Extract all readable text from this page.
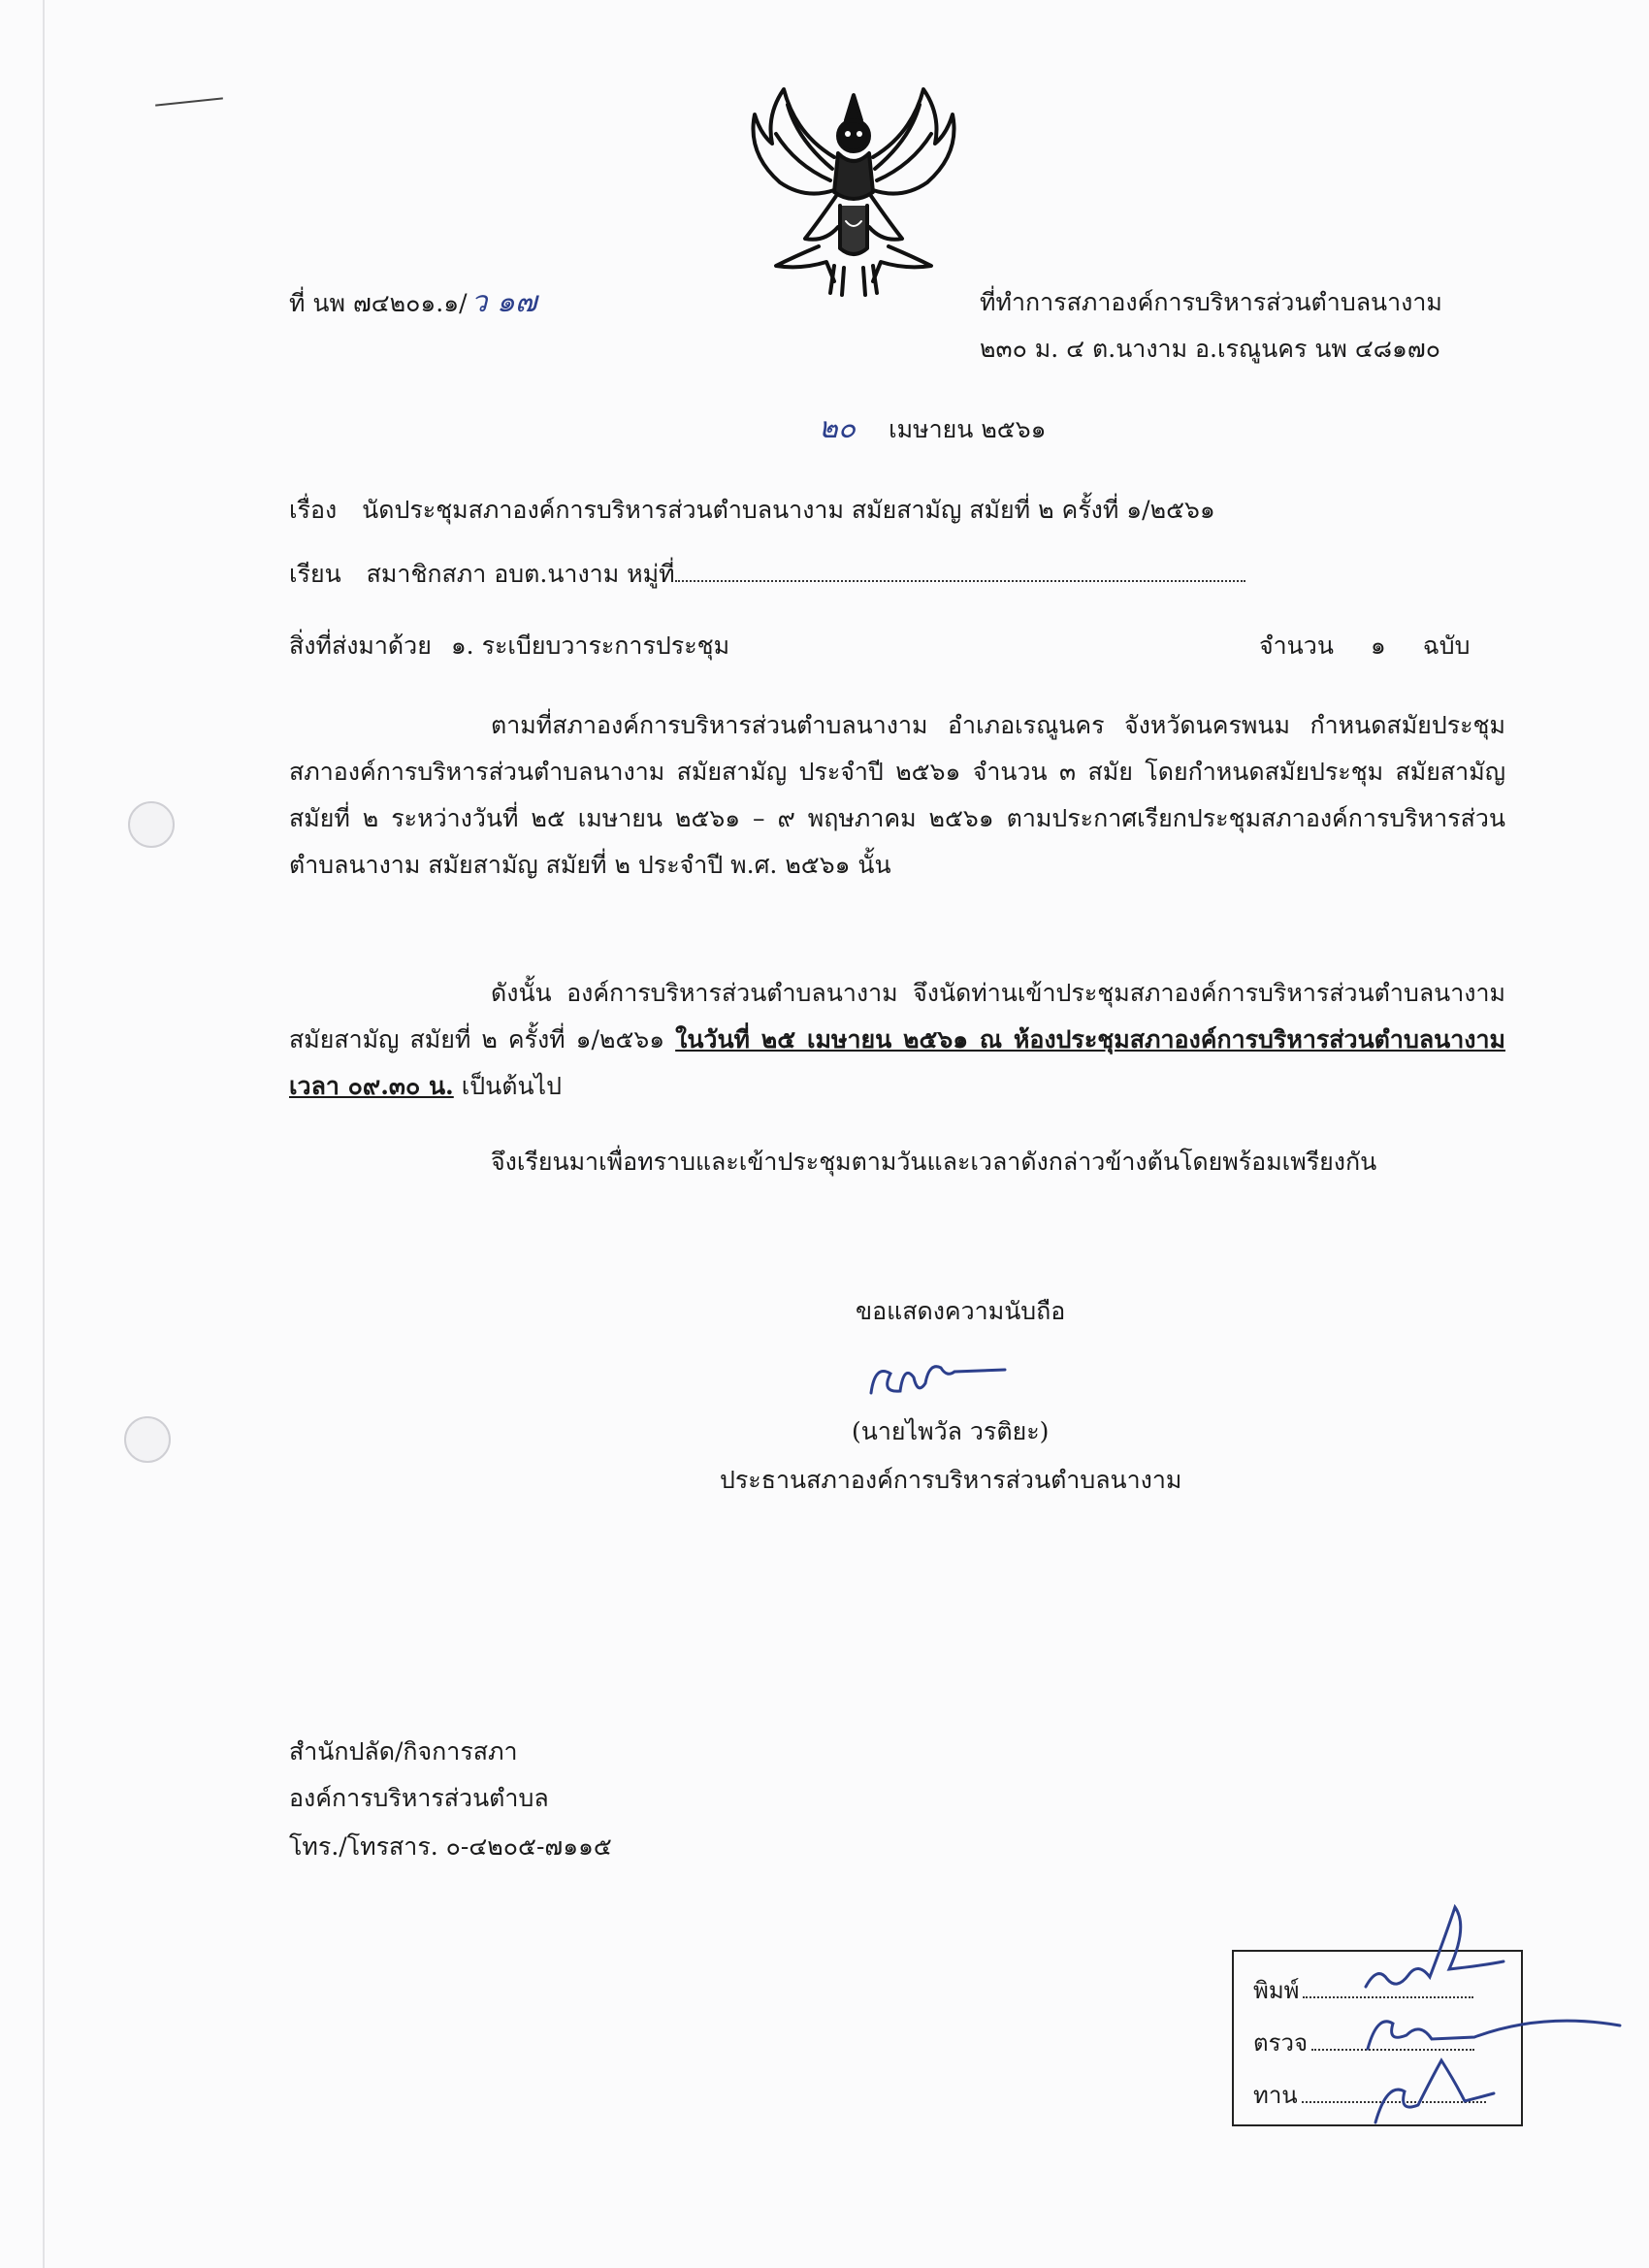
ที่ นพ ๗๔๒๐๑.๑/ ว ๑๗	ที่ทำการสภาองค์การบริหารส่วนตำบลนางาม
๒๓๐ ม. ๔ ต.นางาม อ.เรณูนคร นพ ๔๘๑๗๐
๒๐ เมษายน ๒๕๖๑
เรื่อง นัดประชุมสภาองค์การบริหารส่วนตำบลนางาม สมัยสามัญ สมัยที่ ๒ ครั้งที่ ๑/๒๕๖๑
เรียน สมาชิกสภา อบต.นางาม หมู่ที่
สิ่งที่ส่งมาด้วย ๑. ระเบียบวาระการประชุม	จำนวน ๑ ฉบับ
ตามที่สภาองค์การบริหารส่วนตำบลนางาม อำเภอเรณูนคร จังหวัดนครพนม กำหนดสมัยประชุมสภาองค์การบริหารส่วนตำบลนางาม สมัยสามัญ ประจำปี ๒๕๖๑ จำนวน ๓ สมัย โดยกำหนดสมัยประชุม สมัยสามัญ สมัยที่ ๒ ระหว่างวันที่ ๒๕ เมษายน ๒๕๖๑ – ๙ พฤษภาคม ๒๕๖๑ ตามประกาศเรียกประชุมสภาองค์การบริหารส่วนตำบลนางาม สมัยสามัญ สมัยที่ ๒ ประจำปี พ.ศ. ๒๕๖๑ นั้น
ดังนั้น องค์การบริหารส่วนตำบลนางาม จึงนัดท่านเข้าประชุมสภาองค์การบริหารส่วนตำบลนางาม สมัยสามัญ สมัยที่ ๒ ครั้งที่ ๑/๒๕๖๑ ในวันที่ ๒๕ เมษายน ๒๕๖๑ ณ ห้องประชุมสภาองค์การบริหารส่วนตำบลนางาม เวลา ๐๙.๓๐ น. เป็นต้นไป
จึงเรียนมาเพื่อทราบและเข้าประชุมตามวันและเวลาดังกล่าวข้างต้นโดยพร้อมเพรียงกัน
ขอแสดงความนับถือ
(นายไพวัล วรติยะ)
ประธานสภาองค์การบริหารส่วนตำบลนางาม
สำนักปลัด/กิจการสภา
องค์การบริหารส่วนตำบล
โทร./โทรสาร. ๐-๔๒๐๕-๗๑๑๕
พิมพ์
ตรวจ
ทาน
